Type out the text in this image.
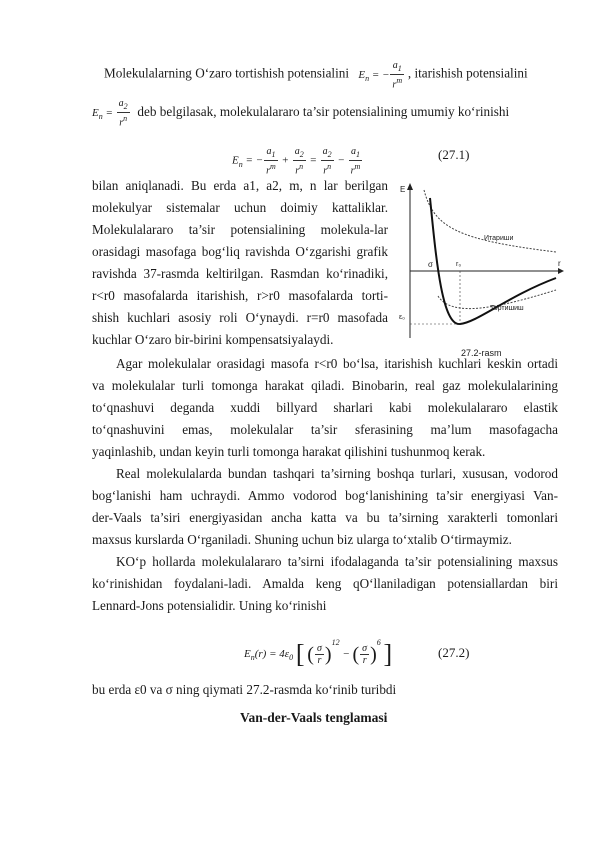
Molekulalarning O‘zaro tortishish potensialini $E_n$ = − $\frac{a_1}{r^m}$ , itarishish potensialini
$E_n = \frac{a_2}{r^n}$ deb belgilasak, molekulalararo ta’sir potensialining umumiy ko‘rinishi
$E_n$ = − $\frac{a_1}{r^m} + \frac{a_2}{r^n} = \frac{a_2}{r^n} - \frac{a_1}{r^m}$	(27.1)
bilan aniqlanadi. Bu erda a1, a2, m, n lar berilgan
molekulyar sistemalar uchun doimiy kattaliklar.
Molekulalararo ta’sir potensialining molekula-lar
orasidagi masofaga bog‘liq ravishda O‘zgarishi grafik
ravishda 37-rasmda keltirilgan. Rasmdan ko‘rinadiki,
r<r0 masofalarda itarishish, r>r0 masofalarda torti-
shish kuchlari asosiy roli O‘ynaydi. r=r0 masofada
kuchlar O‘zaro bir-birini kompensatsiyalaydi.
E
r
σ	r₀
ε₀
Итариши
Тортишиш
27.2-rasm
Agar molekulalar orasidagi masofa r<r0 bo‘lsa, itarishish kuchlari keskin ortadi
va molekulalar turli tomonga harakat qiladi. Binobarin, real gaz molekulalarining
to‘qnashuvi deganda xuddi billyard sharlari kabi molekulalararo elastik
to‘qnashuvini emas, molekulalar ta’sir sferasining ma’lum masofagacha
yaqinlashib, undan keyin turli tomonga harakat qilishini tushunmoq kerak.
Real molekulalarda bundan tashqari ta’sirning boshqa turlari, xususan, vodorod
bog‘lanishi ham uchraydi. Ammo vodorod bog‘lanishining ta’sir energiyasi Van-
der-Vaals ta’siri energiyasidan ancha katta va bu ta’sirning xarakterli tomonlari
maxsus kurslarda O‘rganiladi. Shuning uchun biz ularga to‘xtalib O‘tirmaymiz.
KO‘p hollarda molekulalararo ta’sirni ifodalaganda ta’sir potensialining maxsus
ko‘rinishidan foydalani-ladi. Amalda keng qO‘llaniladigan potensiallardan biri
Lennard-Jons potensialidir. Uning ko‘rinishi
$E_n(r) = 4\varepsilon_0$ [ ( $\frac{\sigma}{r} )^{12}$ − ( $\frac{\sigma}{r} )^6$ ]	(27.2)
bu erda ε0 va σ ning qiymati 27.2-rasmda ko‘rinib turibdi
Van-der-Vaals tenglamasi
